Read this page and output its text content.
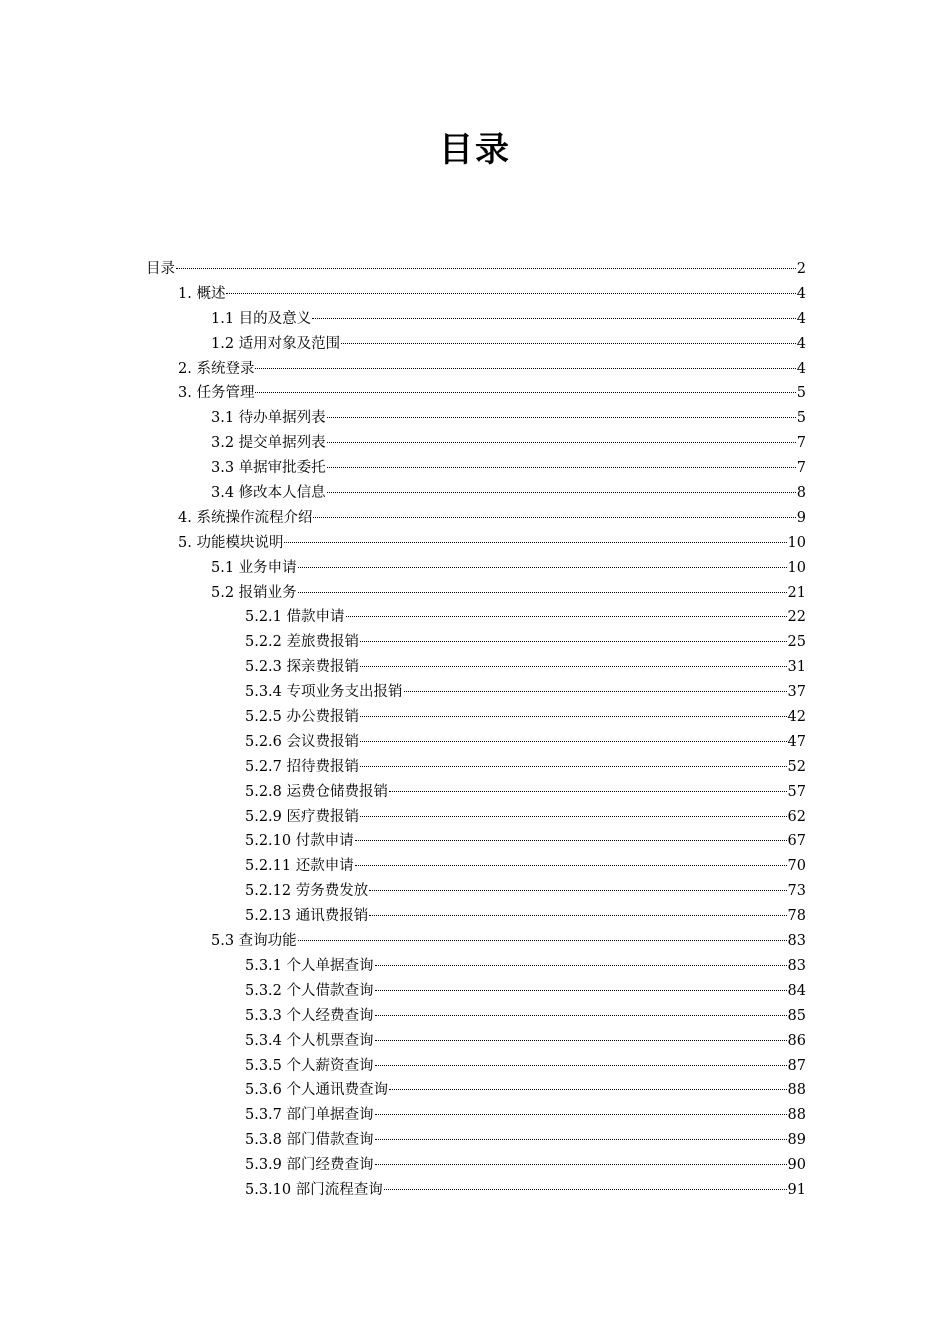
目录
目录	2
1. 概述	4
1.1 目的及意义	4
1.2 适用对象及范围	4
2. 系统登录	4
3. 任务管理	5
3.1 待办单据列表	5
3.2 提交单据列表	7
3.3 单据审批委托	7
3.4 修改本人信息	8
4. 系统操作流程介绍	9
5. 功能模块说明	10
5.1 业务申请	10
5.2 报销业务	21
5.2.1 借款申请	22
5.2.2 差旅费报销	25
5.2.3 探亲费报销	31
5.3.4 专项业务支出报销	37
5.2.5 办公费报销	42
5.2.6 会议费报销	47
5.2.7 招待费报销	52
5.2.8 运费仓储费报销	57
5.2.9 医疗费报销	62
5.2.10 付款申请	67
5.2.11 还款申请	70
5.2.12 劳务费发放	73
5.2.13 通讯费报销	78
5.3 查询功能	83
5.3.1 个人单据查询	83
5.3.2 个人借款查询	84
5.3.3 个人经费查询	85
5.3.4 个人机票查询	86
5.3.5 个人薪资查询	87
5.3.6 个人通讯费查询	88
5.3.7 部门单据查询	88
5.3.8 部门借款查询	89
5.3.9 部门经费查询	90
5.3.10 部门流程查询	91
